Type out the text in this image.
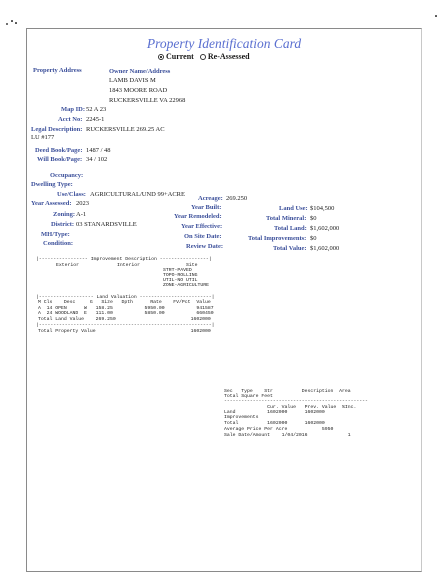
Property Identification Card
Current Re-Assessed
Property Address	Owner Name/Address
LAMB DAVIS M
1843 MOORE ROAD
RUCKERSVILLE VA 22968
Map ID: 52 A 23
Acct No: 2245-1
Legal Description: RUCKERSVILLE 269.25 AC
LU #177
Deed Book/Page: 1487 / 48
Will Book/Page: 34 / 102
Occupancy:
Dwelling Type:
Use/Class: AGRICULTURAL/UND 99+ACRE
Acreage: 269.250
Year Assessed: 2023
Zoning: A-1
District: 03 STANARDSVILLE
MH/Type:
Condition:
Year Built:
Year Remodeled:
Year Effective:
On Site Date:
Review Date:
Land Use: $104,500
Total Mineral: $0
Total Land: $1,602,000
Total Improvements: $0
Total Value: $1,602,000
|----------------- Improvement Description -----------------|
Exterior	Interior	Site
STRT-PAVED
TOPO-ROLLING
UTIL-NO UTIL
ZONE-AGRICULTURE
|------------------- Land Valuation -------------------------|
M Cls    Desc     G   Size   Dpth      Rate    FV/Pct  Value
A  14 OPEN      W   158.25           5950.00           941587
A  24 WOODLAND  E   111.00           5850.00           660450
Total Land Value    269.250                          1602000
|------------------------------------------------------------|
Total Property Value                                 1602000
Sec   Type    Str          Description  Area
Total Square Feet
--------------------------------------------------
Cur. Value   Prev. Value  %Inc.
Land           1602000      1602000
Improvements
Total          1602000      1602000
Average Price Per Acre            5950
Sale Date/Amount    1/04/2016              1
